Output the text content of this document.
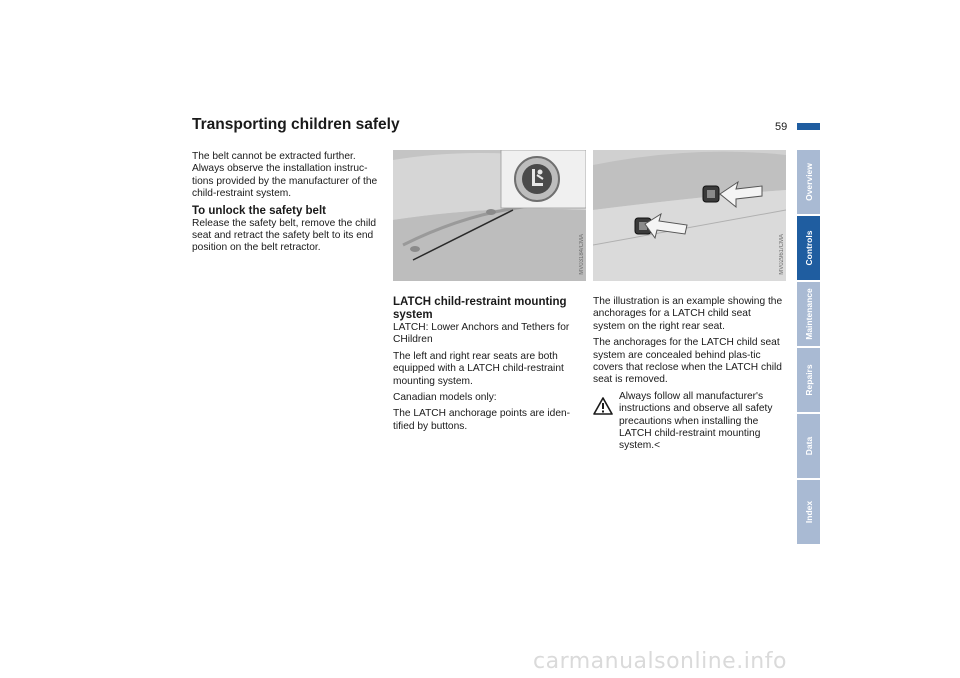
Transporting children safely	59

The belt cannot be extracted further. Always observe the installation instruc-tions provided by the manufacturer of the child-restraint system.

To unlock the safety belt

Release the safety belt, remove the child seat and retract the safety belt to its end position on the belt retractor.	MV03184/CMA	MV02961/CMA
LATCH child-restraint mounting system

LATCH: Lower Anchors and Tethers for CHildren

The left and right rear seats are both equipped with a LATCH child-restraint mounting system.

Canadian models only:

The LATCH anchorage points are iden-tified by buttons.

The illustration is an example showing the anchorages for a LATCH child seat system on the right rear seat.

The anchorages for the LATCH child seat system are concealed behind plas-tic covers that reclose when the LATCH child seat is removed.

Always follow all manufacturer's instructions and observe all safety precautions when installing the LATCH child-restraint mounting system.<

Overview
Controls
Maintenance
Repairs
Data
Index
carmanualsonline.info
